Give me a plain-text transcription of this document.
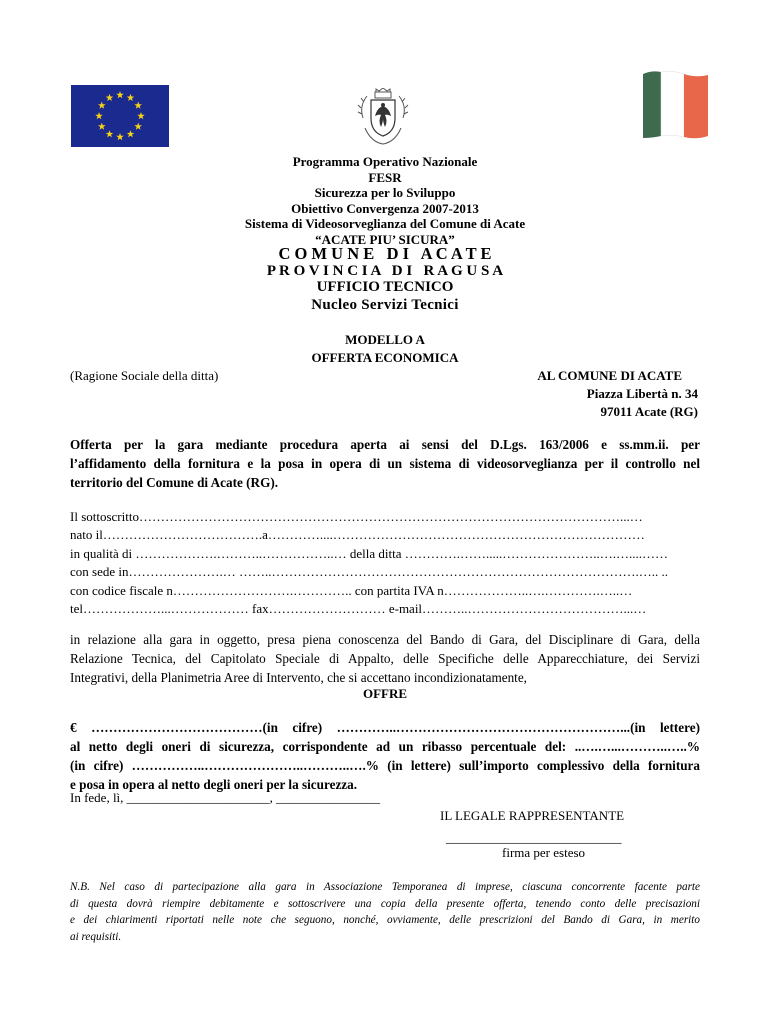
Programma Operativo Nazionale
FESR
Sicurezza per lo Sviluppo
Obiettivo Convergenza 2007-2013
Sistema di Videosorveglianza del Comune di Acate
“ACATE PIU’ SICURA”
C O M U N E   D I   A C A T E
P R O V I N C I A   D I   R A G U S A
UFFICIO TECNICO
Nucleo Servizi Tecnici
MODELLO A
OFFERTA ECONOMICA
(Ragione Sociale della ditta)	AL COMUNE DI ACATE
Piazza Libertà n. 34
97011 Acate (RG)
Offerta per la gara mediante procedura aperta ai sensi del D.Lgs. 163/2006 e ss.mm.ii. per
l’affidamento della fornitura e la posa in opera di un sistema di videosorveglianza per il controllo nel
territorio del Comune di Acate (RG).
Il sottoscritto…………………………………………………………………………………………………...…
nato il……………………………….a…………....………………………………………………………………
in qualità di ……………….………..……………..… della ditta ………….…….....…………………..….…....……
con sede in………………….… ……..………………………………………………………………………….….. ..
con codice fiscale n……………………….………….. con partita IVA n………………..….………….…..…
tel………………...……………… fax……………………… e-mail………..………………………………...…
in relazione alla gara in oggetto, presa piena conoscenza del Bando di Gara, del Disciplinare di Gara, della
Relazione Tecnica, del Capitolato Speciale di Appalto, delle Specifiche delle Apparecchiature, dei Servizi
Integrativi, della Planimetria Aree di Intervento, che si accettano incondizionatamente,
OFFRE
€ …………………………………(in cifre) …………..……………………………………………...(in lettere)
al netto degli oneri di sicurezza, corrispondente ad un ribasso percentuale del: ..….…...………..…..%
(in cifre) ……………..…………………..………..….% (in lettere) sull’importo complessivo della fornitura
e posa in opera al netto degli oneri per la sicurezza.
In fede, lì, ______________________, ________________
IL LEGALE RAPPRESENTANTE
___________________________
firma per esteso
N.B. Nel caso di partecipazione alla gara in Associazione Temporanea di imprese, ciascuna concorrente facente parte
di questa dovrà riempire debitamente e sottoscrivere una copia della presente offerta, tenendo conto delle precisazioni
e dei chiarimenti riportati nelle note che seguono, nonché, ovviamente, delle prescrizioni del Bando di Gara, in merito
ai requisiti.
